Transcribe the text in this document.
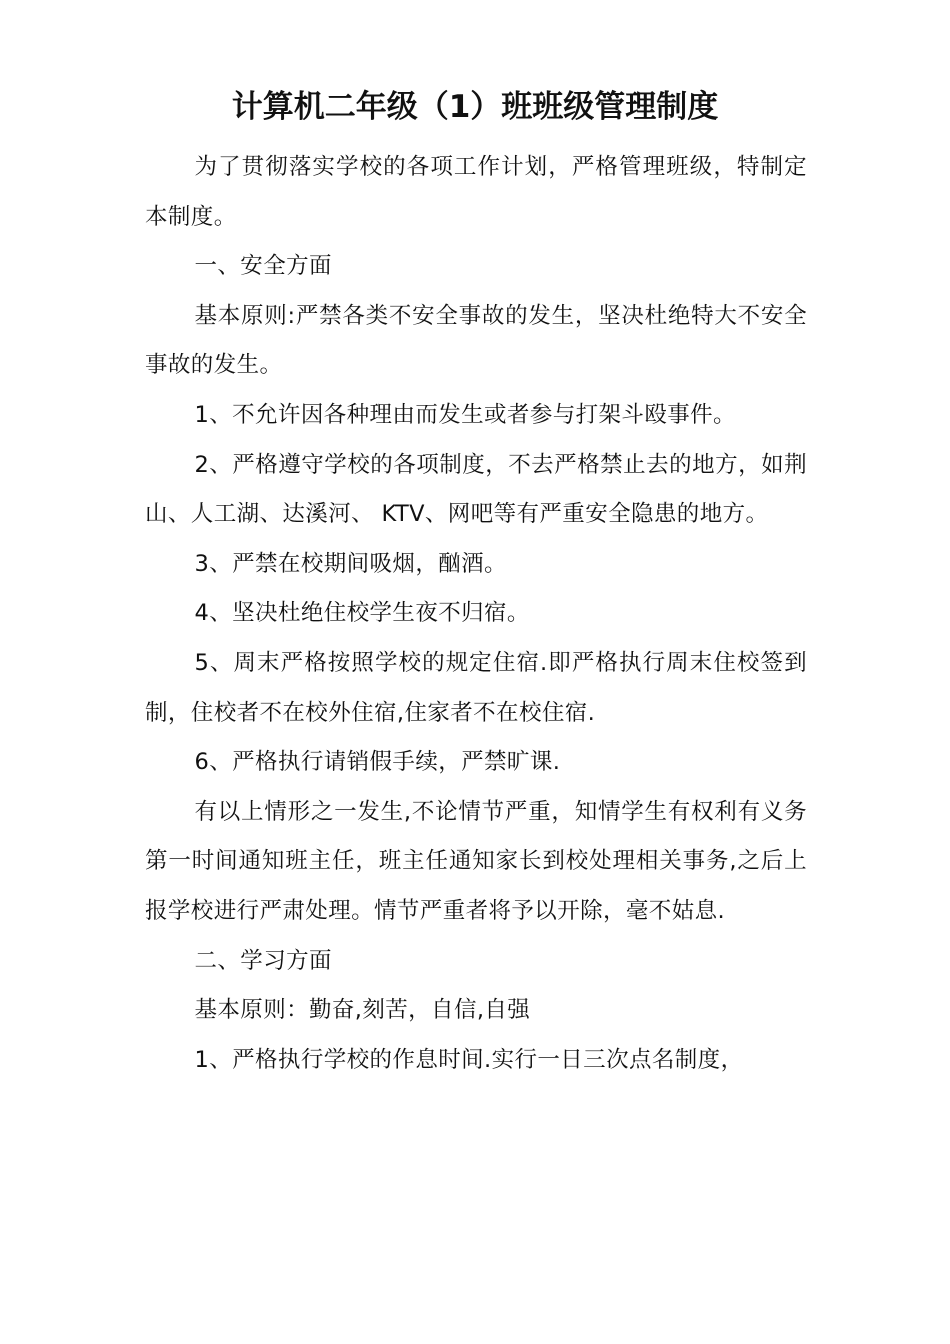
计算机二年级（1）班班级管理制度

为了贯彻落实学校的各项工作计划，严格管理班级，特制定本制度。

一、安全方面

基本原则:严禁各类不安全事故的发生，坚决杜绝特大不安全事故的发生。

1、不允许因各种理由而发生或者参与打架斗殴事件。

2、严格遵守学校的各项制度，不去严格禁止去的地方，如荆山、人工湖、达溪河、 KTV、网吧等有严重安全隐患的地方。

3、严禁在校期间吸烟，酗酒。

4、坚决杜绝住校学生夜不归宿。

5、周末严格按照学校的规定住宿.即严格执行周末住校签到制，住校者不在校外住宿,住家者不在校住宿.

6、严格执行请销假手续，严禁旷课.

有以上情形之一发生,不论情节严重，知情学生有权利有义务第一时间通知班主任，班主任通知家长到校处理相关事务,之后上报学校进行严肃处理。情节严重者将予以开除，毫不姑息.

二、学习方面

基本原则：勤奋,刻苦，自信,自强

1、严格执行学校的作息时间.实行一日三次点名制度，
